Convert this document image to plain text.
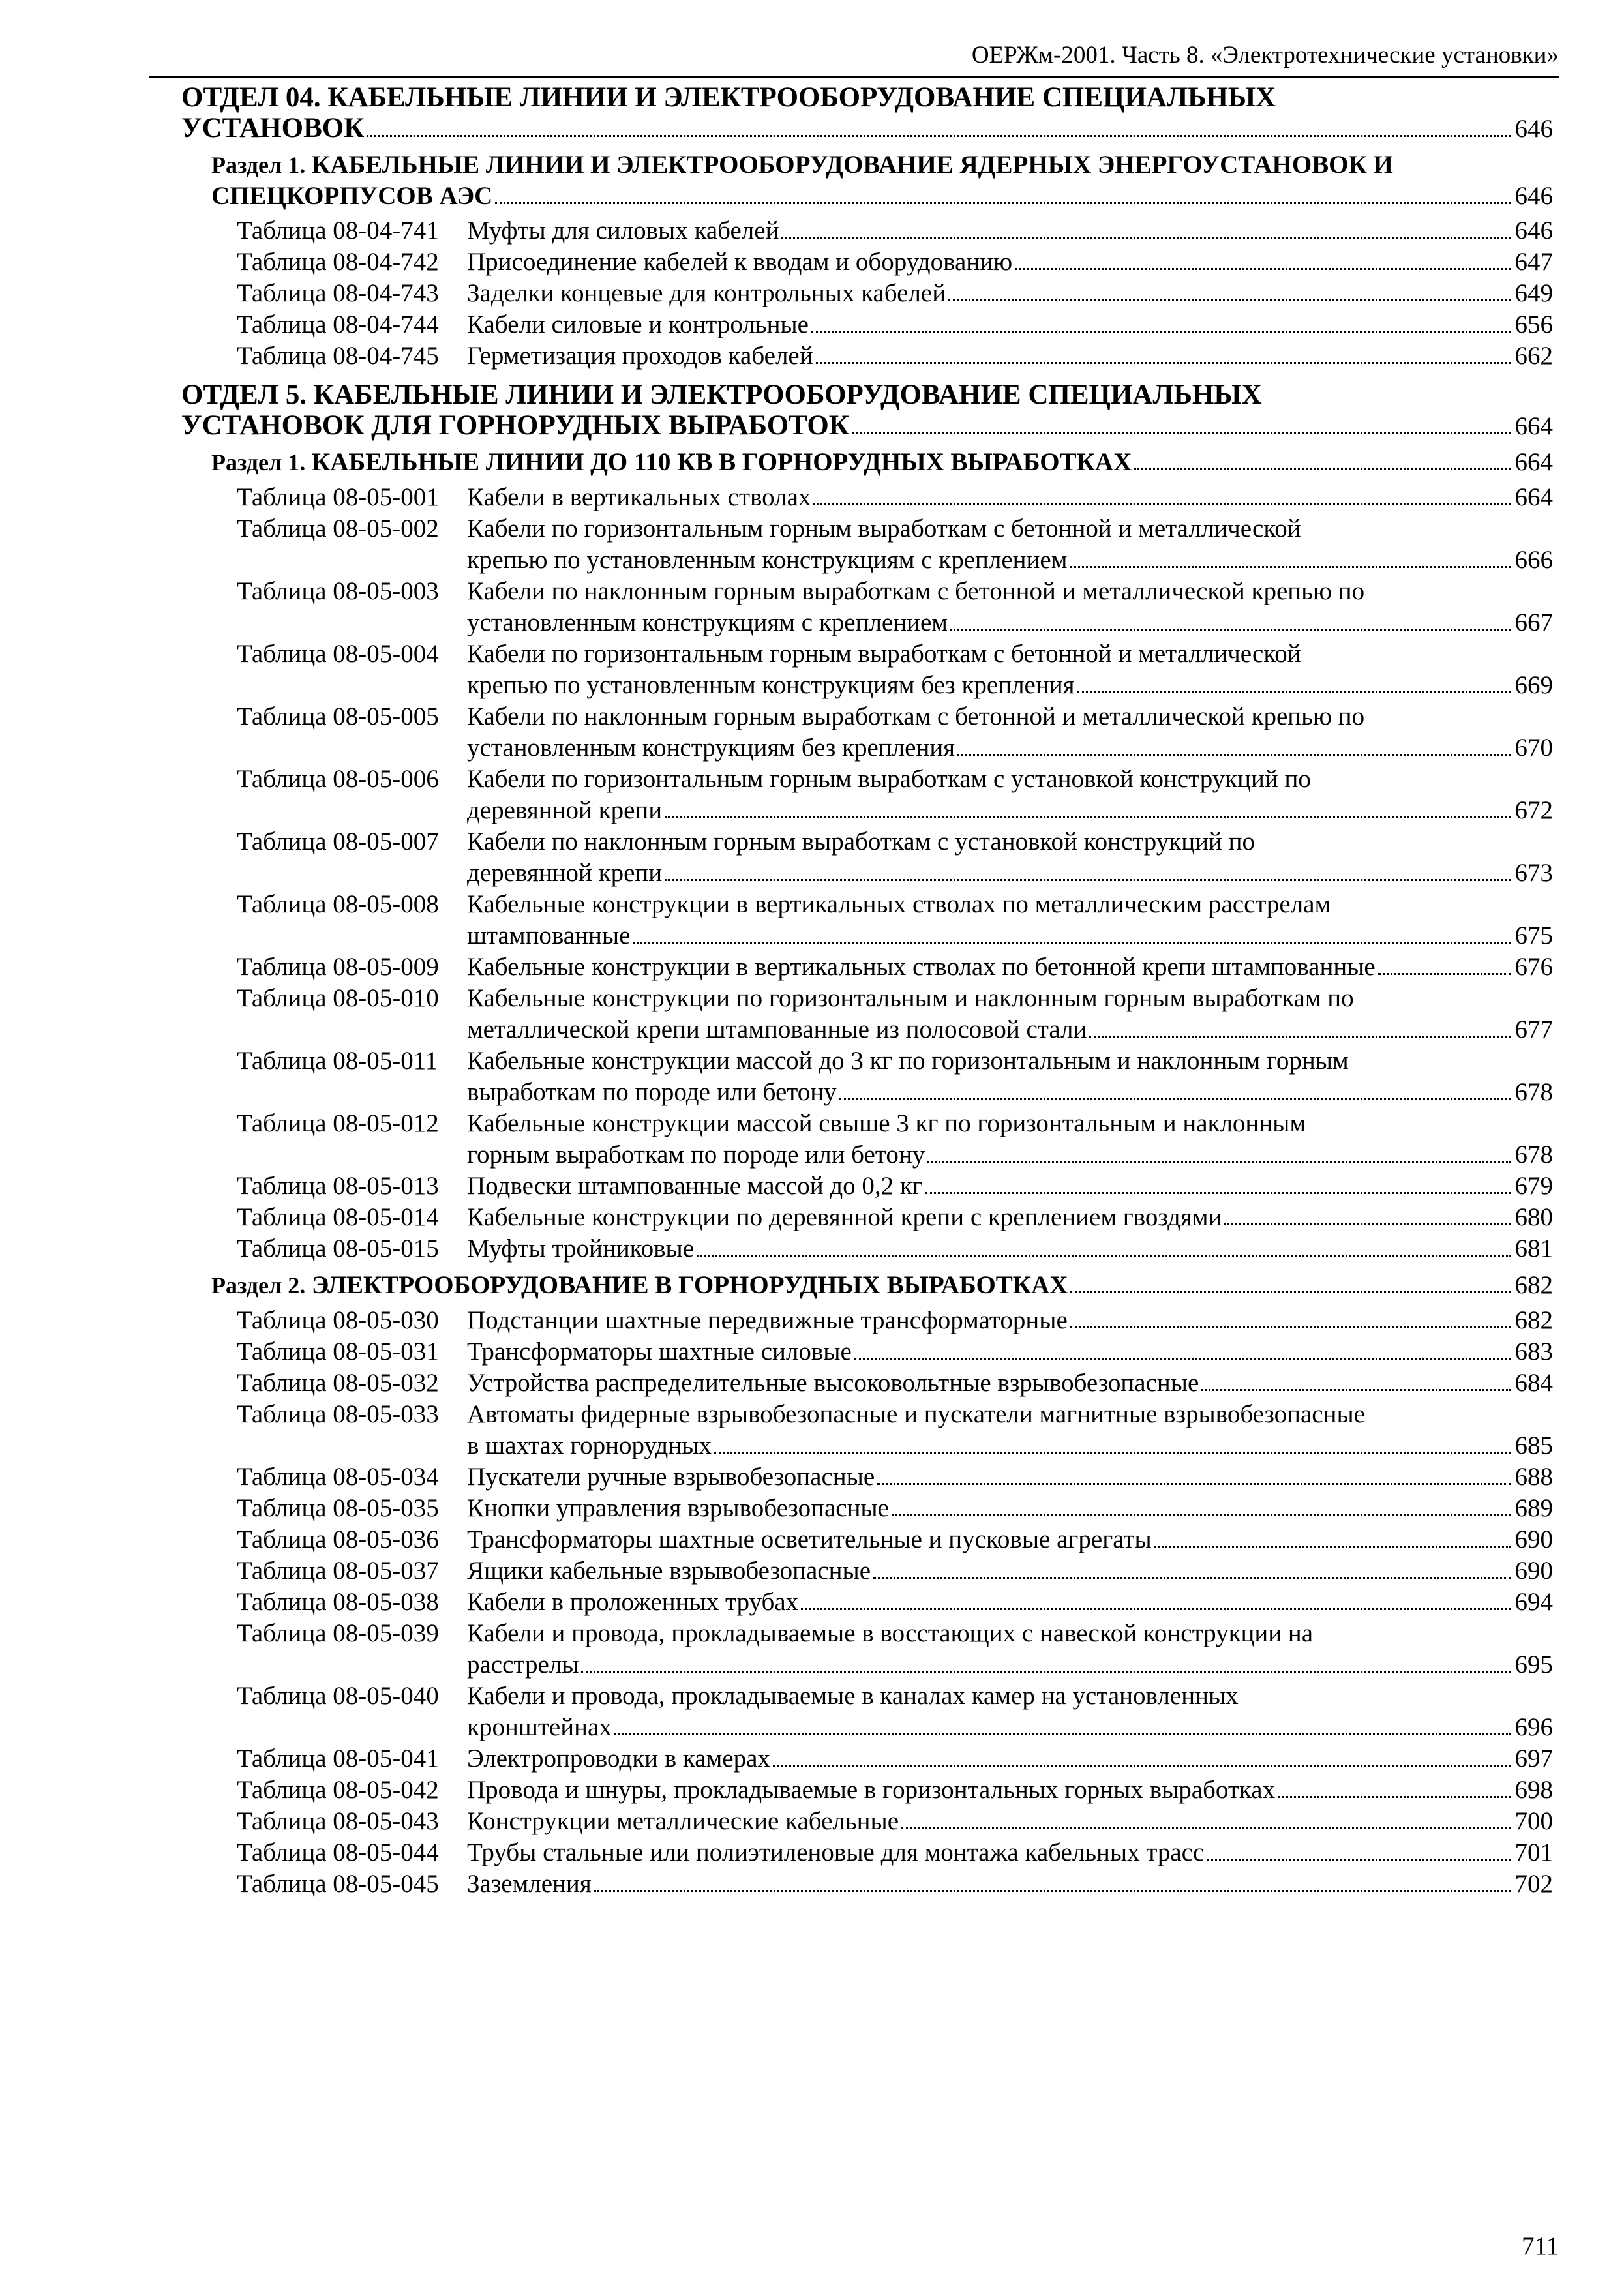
ОЕРЖм-2001. Часть 8. «Электротехнические установки»
ОТДЕЛ 04. КАБЕЛЬНЫЕ ЛИНИИ И ЭЛЕКТРООБОРУДОВАНИЕ СПЕЦИАЛЬНЫХ
УСТАНОВОК	646
Раздел 1. КАБЕЛЬНЫЕ ЛИНИИ И ЭЛЕКТРООБОРУДОВАНИЕ ЯДЕРНЫХ ЭНЕРГОУСТАНОВОК И
СПЕЦКОРПУСОВ АЭС	646
Таблица 08-04-741	Муфты для силовых кабелей	646
Таблица 08-04-742	Присоединение кабелей к вводам и оборудованию	647
Таблица 08-04-743	Заделки концевые для контрольных кабелей	649
Таблица 08-04-744	Кабели силовые и контрольные	656
Таблица 08-04-745	Герметизация проходов кабелей	662
ОТДЕЛ 5. КАБЕЛЬНЫЕ ЛИНИИ И ЭЛЕКТРООБОРУДОВАНИЕ СПЕЦИАЛЬНЫХ
УСТАНОВОК ДЛЯ ГОРНОРУДНЫХ ВЫРАБОТОК	664
Раздел 1. КАБЕЛЬНЫЕ ЛИНИИ ДО 110 КВ В ГОРНОРУДНЫХ ВЫРАБОТКАХ	664
Таблица 08-05-001	Кабели в вертикальных стволах	664
Таблица 08-05-002	Кабели по горизонтальным горным выработкам с бетонной и металлической
крепью по установленным конструкциям с креплением	666
Таблица 08-05-003	Кабели по наклонным горным выработкам с бетонной и металлической крепью по
установленным конструкциям с креплением	667
Таблица 08-05-004	Кабели по горизонтальным горным выработкам с бетонной и металлической
крепью по установленным конструкциям без крепления	669
Таблица 08-05-005	Кабели по наклонным горным выработкам с бетонной и металлической крепью по
установленным конструкциям без крепления	670
Таблица 08-05-006	Кабели по горизонтальным горным выработкам с установкой конструкций по
деревянной крепи	672
Таблица 08-05-007	Кабели по наклонным горным выработкам с установкой конструкций по
деревянной крепи	673
Таблица 08-05-008	Кабельные конструкции в вертикальных стволах по металлическим расстрелам
штампованные	675
Таблица 08-05-009	Кабельные конструкции в вертикальных стволах по бетонной крепи штампованные	676
Таблица 08-05-010	Кабельные конструкции по горизонтальным и наклонным горным выработкам по
металлической крепи штампованные из полосовой стали	677
Таблица 08-05-011	Кабельные конструкции массой до 3 кг по горизонтальным и наклонным горным
выработкам по породе или бетону	678
Таблица 08-05-012	Кабельные конструкции массой свыше 3 кг по горизонтальным и наклонным
горным выработкам по породе или бетону	678
Таблица 08-05-013	Подвески штампованные массой до 0,2 кг	679
Таблица 08-05-014	Кабельные конструкции по деревянной крепи с креплением гвоздями	680
Таблица 08-05-015	Муфты тройниковые	681
Раздел 2. ЭЛЕКТРООБОРУДОВАНИЕ В ГОРНОРУДНЫХ ВЫРАБОТКАХ	682
Таблица 08-05-030	Подстанции шахтные передвижные трансформаторные	682
Таблица 08-05-031	Трансформаторы шахтные силовые	683
Таблица 08-05-032	Устройства распределительные высоковольтные взрывобезопасные	684
Таблица 08-05-033	Автоматы фидерные взрывобезопасные и пускатели магнитные взрывобезопасные
в шахтах горнорудных	685
Таблица 08-05-034	Пускатели ручные взрывобезопасные	688
Таблица 08-05-035	Кнопки управления взрывобезопасные	689
Таблица 08-05-036	Трансформаторы шахтные осветительные и пусковые агрегаты	690
Таблица 08-05-037	Ящики кабельные взрывобезопасные	690
Таблица 08-05-038	Кабели в проложенных трубах	694
Таблица 08-05-039	Кабели и провода, прокладываемые в восстающих с навеской конструкции на
расстрелы	695
Таблица 08-05-040	Кабели и провода, прокладываемые в каналах камер на установленных
кронштейнах	696
Таблица 08-05-041	Электропроводки в камерах	697
Таблица 08-05-042	Провода и шнуры, прокладываемые в горизонтальных горных выработках	698
Таблица 08-05-043	Конструкции металлические кабельные	700
Таблица 08-05-044	Трубы стальные или полиэтиленовые для монтажа кабельных трасс	701
Таблица 08-05-045	Заземления	702
711
